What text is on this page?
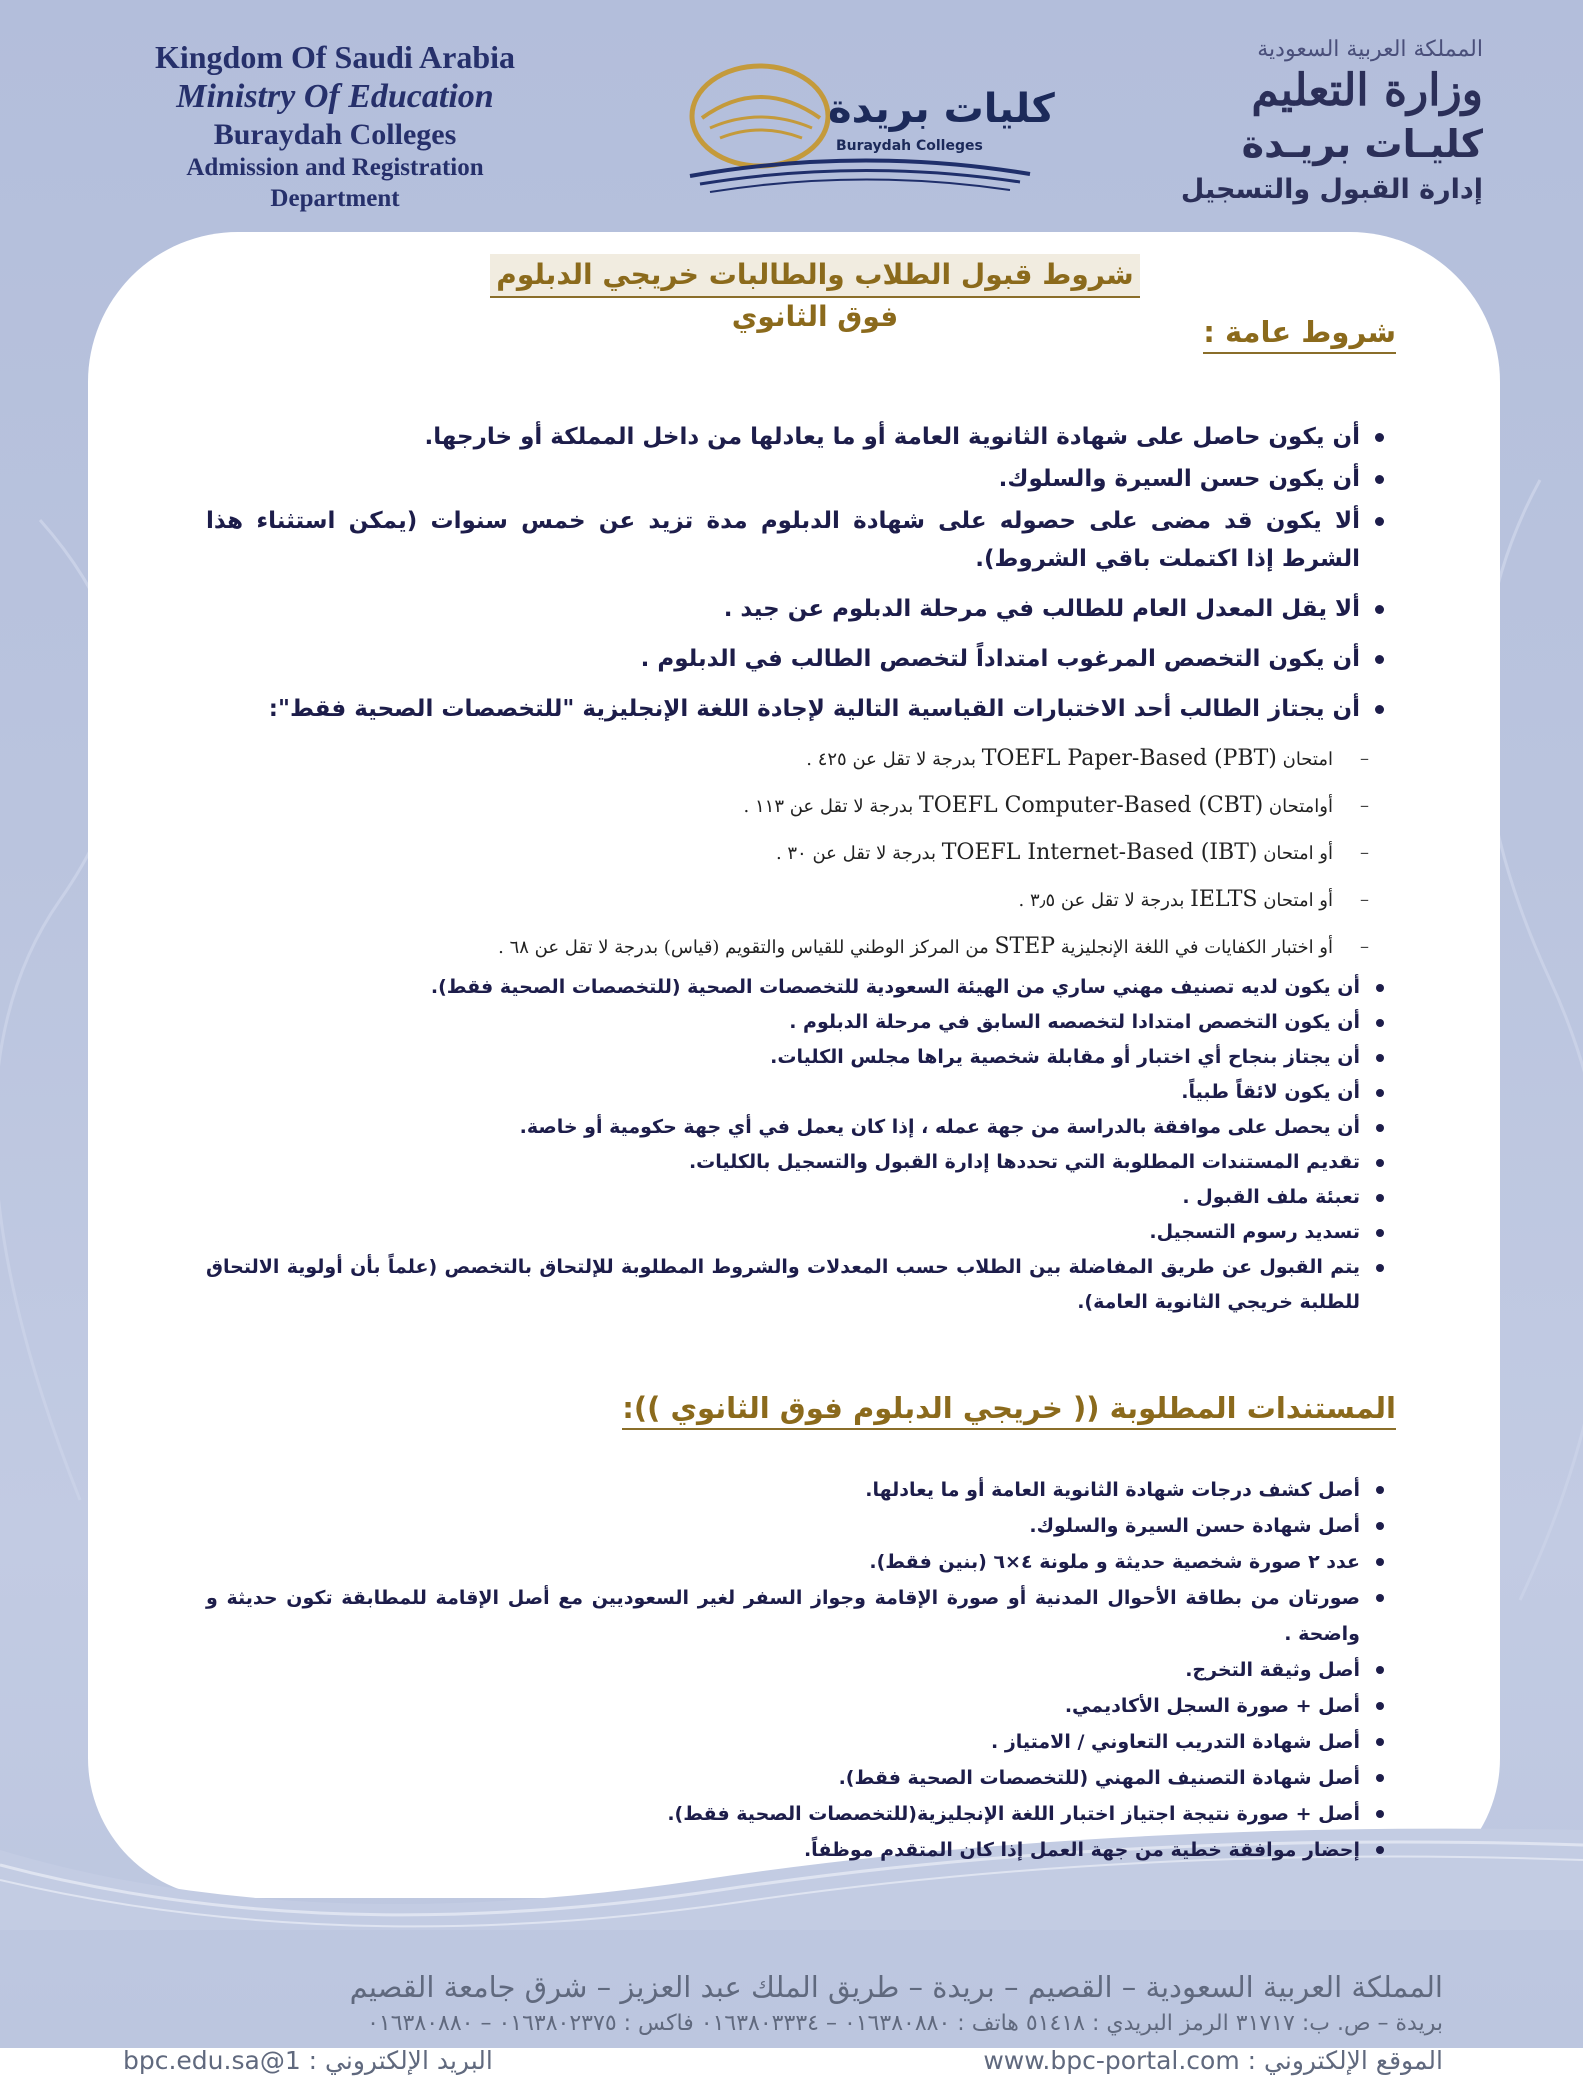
Kingdom Of Saudi Arabia
Ministry Of Education
Buraydah Colleges
Admission and Registration
Department
كليات بريدة
Buraydah Colleges
المملكة العربية السعودية
وزارة التعليم
كليـات بريـدة
إدارة القبول والتسجيل
شروط قبول الطلاب والطالبات خريجي الدبلوم فوق الثانوي	شروط عامة :
أن يكون حاصل على شهادة الثانوية العامة أو ما يعادلها من داخل المملكة أو خارجها.
أن يكون حسن السيرة والسلوك.
ألا يكون قد مضى على حصوله على شهادة الدبلوم مدة تزيد عن خمس سنوات (يمكن استثناء هذا الشرط إذا اكتملت باقي الشروط).
ألا يقل المعدل العام للطالب في مرحلة الدبلوم عن جيد .
أن يكون التخصص المرغوب امتداداً لتخصص الطالب في الدبلوم .
أن يجتاز الطالب أحد الاختبارات القياسية التالية لإجادة اللغة الإنجليزية "للتخصصات الصحية فقط":
– امتحان TOEFL Paper-Based (PBT) بدرجة لا تقل عن ٤٢٥ .
– أوامتحان TOEFL Computer-Based (CBT) بدرجة لا تقل عن ١١٣ .
– أو امتحان TOEFL Internet-Based (IBT) بدرجة لا تقل عن ٣٠ .
– أو امتحان IELTS بدرجة لا تقل عن ٣٫٥ .
– أو اختبار الكفايات في اللغة الإنجليزية STEP من المركز الوطني للقياس والتقويم (قياس) بدرجة لا تقل عن ٦٨ .
أن يكون لديه تصنيف مهني ساري من الهيئة السعودية للتخصصات الصحية (للتخصصات الصحية فقط).
أن يكون التخصص امتدادا لتخصصه السابق في مرحلة الدبلوم .
أن يجتاز بنجاح أي اختبار أو مقابلة شخصية يراها مجلس الكليات.
أن يكون لائقاً طبياً.
أن يحصل على موافقة بالدراسة من جهة عمله ، إذا كان يعمل في أي جهة حكومية أو خاصة.
تقديم المستندات المطلوبة التي تحددها إدارة القبول والتسجيل بالكليات.
تعبئة ملف القبول .
تسديد رسوم التسجيل.
يتم القبول عن طريق المفاضلة بين الطلاب حسب المعدلات والشروط المطلوبة للإلتحاق بالتخصص (علماً بأن أولوية الالتحاق للطلبة خريجي الثانوية العامة).
المستندات المطلوبة (( خريجي الدبلوم فوق الثانوي )):
أصل كشف درجات شهادة الثانوية العامة أو ما يعادلها.
أصل شهادة حسن السيرة والسلوك.
عدد ٢ صورة شخصية حديثة و ملونة ٤×٦ (بنين فقط).
صورتان من بطاقة الأحوال المدنية أو صورة الإقامة وجواز السفر لغير السعوديين مع أصل الإقامة للمطابقة تكون حديثة و واضحة .
أصل وثيقة التخرج.
أصل + صورة السجل الأكاديمي.
أصل شهادة التدريب التعاوني / الامتياز .
أصل شهادة التصنيف المهني (للتخصصات الصحية فقط).
أصل + صورة نتيجة اجتياز اختبار اللغة الإنجليزية(للتخصصات الصحية فقط).
إحضار موافقة خطية من جهة العمل إذا كان المتقدم موظفاً.
المملكة العربية السعودية – القصيم – بريدة – طريق الملك عبد العزيز – شرق جامعة القصيم
بريدة – ص. ب: ٣١٧١٧ الرمز البريدي : ٥١٤١٨ هاتف : ٠١٦٣٨٠٨٨٠ – ٠١٦٣٨٠٣٣٣٤ فاكس : ٠١٦٣٨٠٢٣٧٥ – ٠١٦٣٨٠٨٨٠
الموقع الإلكتروني : www.bpc-portal.com
البريد الإلكتروني : 1@bpc.edu.sa
